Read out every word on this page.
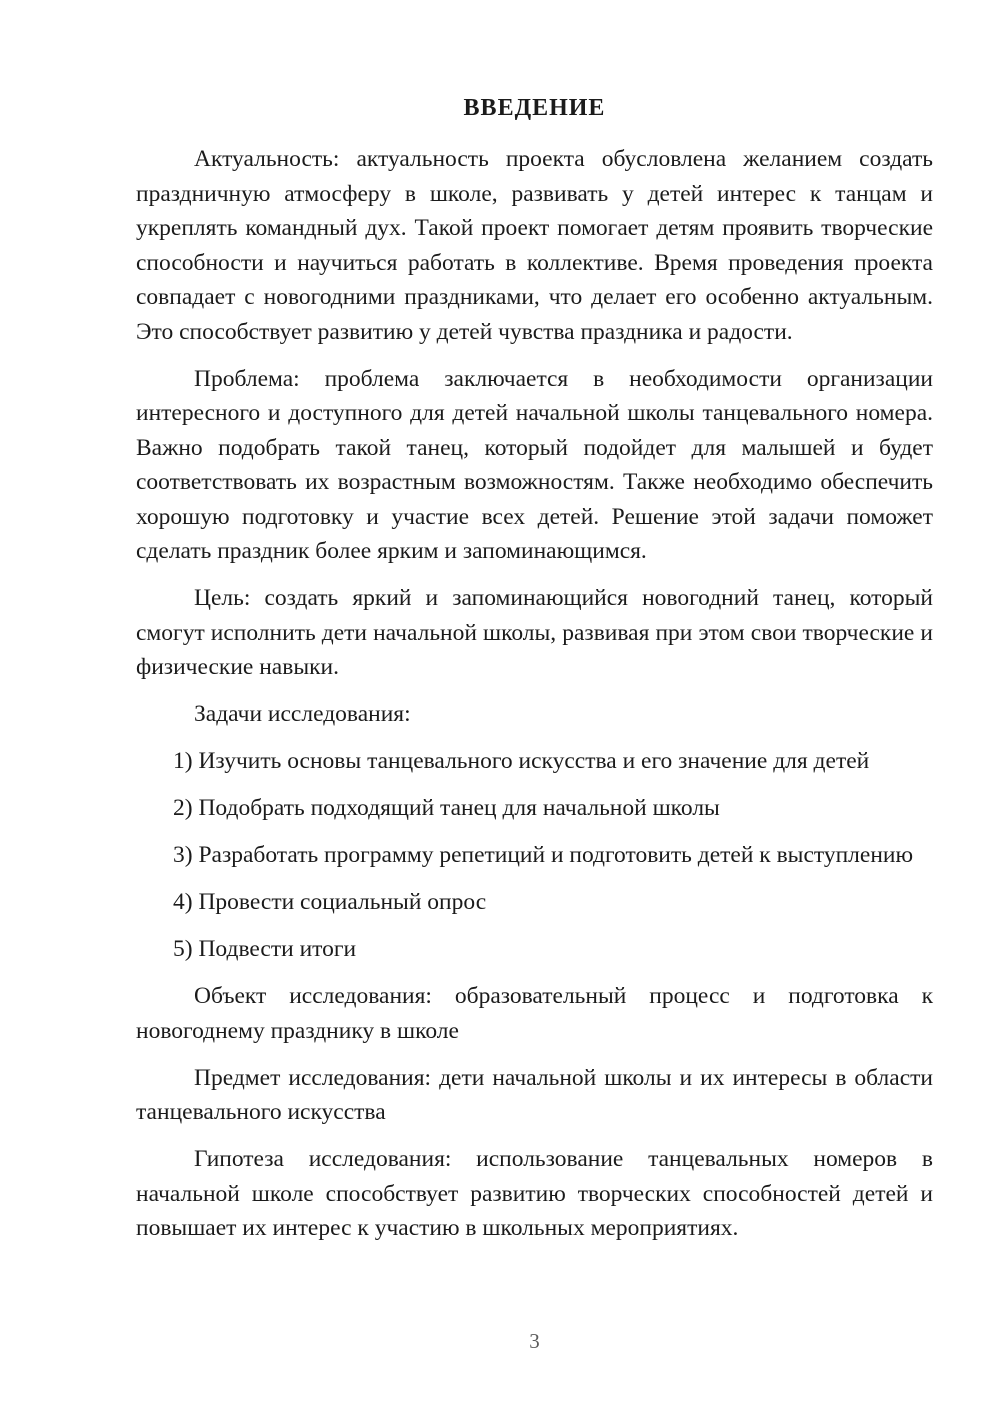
ВВЕДЕНИЕ

Актуальность: актуальность проекта обусловлена желанием создать праздничную атмосферу в школе, развивать у детей интерес к танцам и укреплять командный дух. Такой проект помогает детям проявить творческие способности и научиться работать в коллективе. Время проведения проекта совпадает с новогодними праздниками, что делает его особенно актуальным. Это способствует развитию у детей чувства праздника и радости.

Проблема: проблема заключается в необходимости организации интересного и доступного для детей начальной школы танцевального номера. Важно подобрать такой танец, который подойдет для малышей и будет соответствовать их возрастным возможностям. Также необходимо обеспечить хорошую подготовку и участие всех детей. Решение этой задачи поможет сделать праздник более ярким и запоминающимся.

Цель: создать яркий и запоминающийся новогодний танец, который смогут исполнить дети начальной школы, развивая при этом свои творческие и физические навыки.

Задачи исследования:

1) Изучить основы танцевального искусства и его значение для детей

2) Подобрать подходящий танец для начальной школы

3) Разработать программу репетиций и подготовить детей к выступлению

4) Провести социальный опрос

5) Подвести итоги

Объект исследования: образовательный процесс и подготовка к новогоднему празднику в школе

Предмет исследования: дети начальной школы и их интересы в области танцевального искусства

Гипотеза исследования: использование танцевальных номеров в начальной школе способствует развитию творческих способностей детей и повышает их интерес к участию в школьных мероприятиях.

3
